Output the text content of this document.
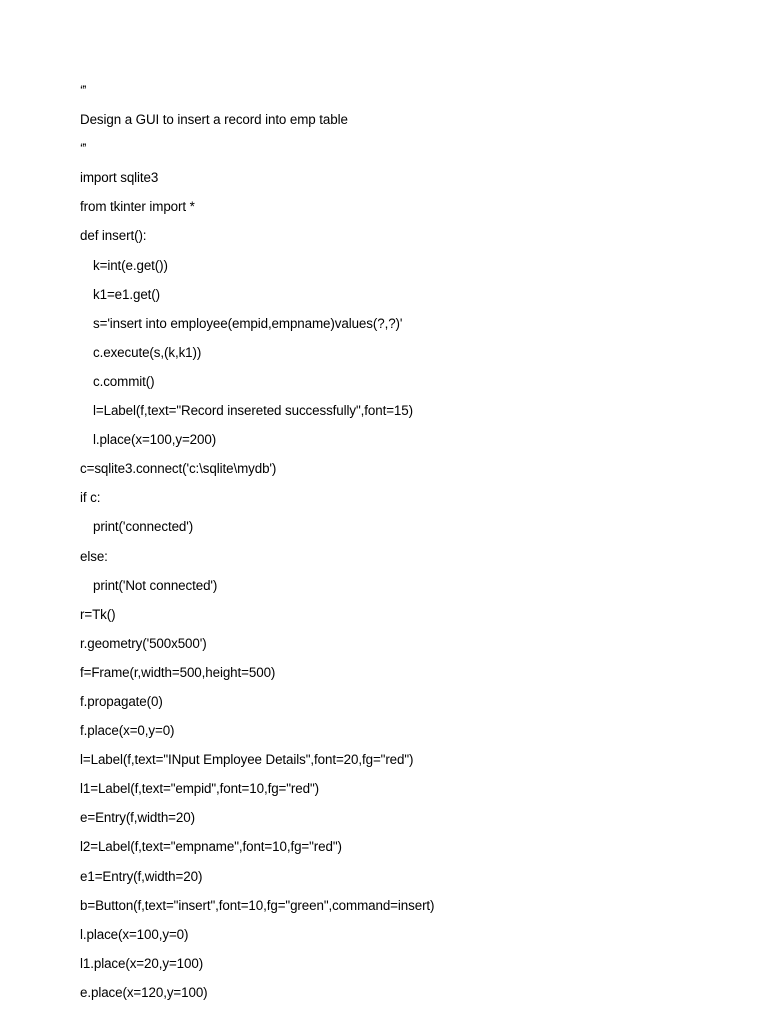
‘’’
Design a GUI to insert a record into emp table
‘’’
import sqlite3
from tkinter import *
def insert():
k=int(e.get())
k1=e1.get()
s='insert into employee(empid,empname)values(?,?)'
c.execute(s,(k,k1))
c.commit()
l=Label(f,text="Record insereted successfully",font=15)
l.place(x=100,y=200)
c=sqlite3.connect('c:\sqlite\mydb')
if c:
print('connected')
else:
print('Not connected')
r=Tk()
r.geometry('500x500')
f=Frame(r,width=500,height=500)
f.propagate(0)
f.place(x=0,y=0)
l=Label(f,text="INput Employee Details",font=20,fg="red")
l1=Label(f,text="empid",font=10,fg="red")
e=Entry(f,width=20)
l2=Label(f,text="empname",font=10,fg="red")
e1=Entry(f,width=20)
b=Button(f,text="insert",font=10,fg="green",command=insert)
l.place(x=100,y=0)
l1.place(x=20,y=100)
e.place(x=120,y=100)
